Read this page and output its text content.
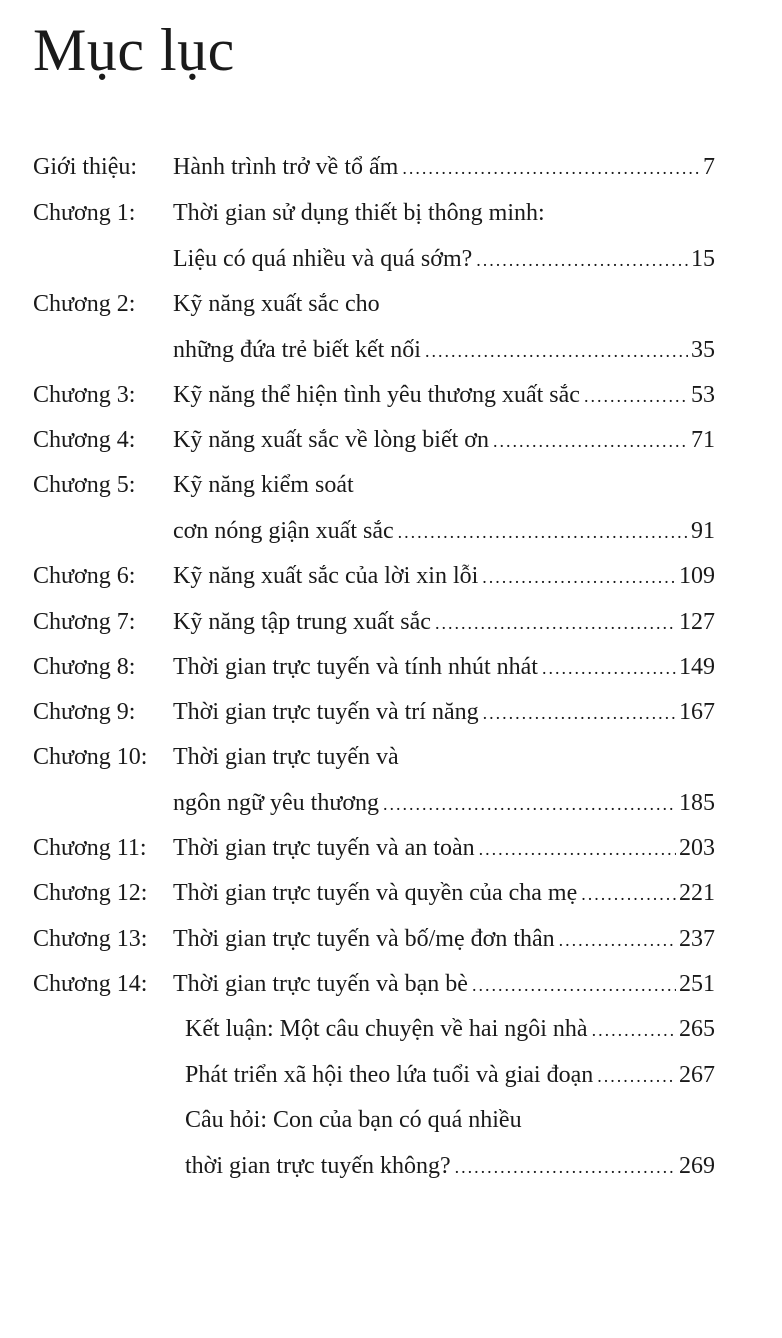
Mục lục
Giới thiệu:	Hành trình trở về tổ ấm .....	7
Chương 1:	Thời gian sử dụng thiết bị thông minh:
Liệu có quá nhiều và quá sớm? .....	15
Chương 2:	Kỹ năng xuất sắc cho
những đứa trẻ biết kết nối .....	35
Chương 3:	Kỹ năng thể hiện tình yêu thương xuất sắc .....	53
Chương 4:	Kỹ năng xuất sắc về lòng biết ơn .....	71
Chương 5:	Kỹ năng kiểm soát
cơn nóng giận xuất sắc .....	91
Chương 6:	Kỹ năng xuất sắc của lời xin lỗi .....	109
Chương 7:	Kỹ năng tập trung xuất sắc .....	127
Chương 8:	Thời gian trực tuyến và tính nhút nhát .....	149
Chương 9:	Thời gian trực tuyến và trí năng .....	167
Chương 10:	Thời gian trực tuyến và
ngôn ngữ yêu thương .....	185
Chương 11:	Thời gian trực tuyến và an toàn .....	203
Chương 12:	Thời gian trực tuyến và quyền của cha mẹ .....	221
Chương 13:	Thời gian trực tuyến và bố/mẹ đơn thân .....	237
Chương 14:	Thời gian trực tuyến và bạn bè .....	251
Kết luận: Một câu chuyện về hai ngôi nhà .....	265
Phát triển xã hội theo lứa tuổi và giai đoạn .....	267
Câu hỏi: Con của bạn có quá nhiều
thời gian trực tuyến không? .....	269
